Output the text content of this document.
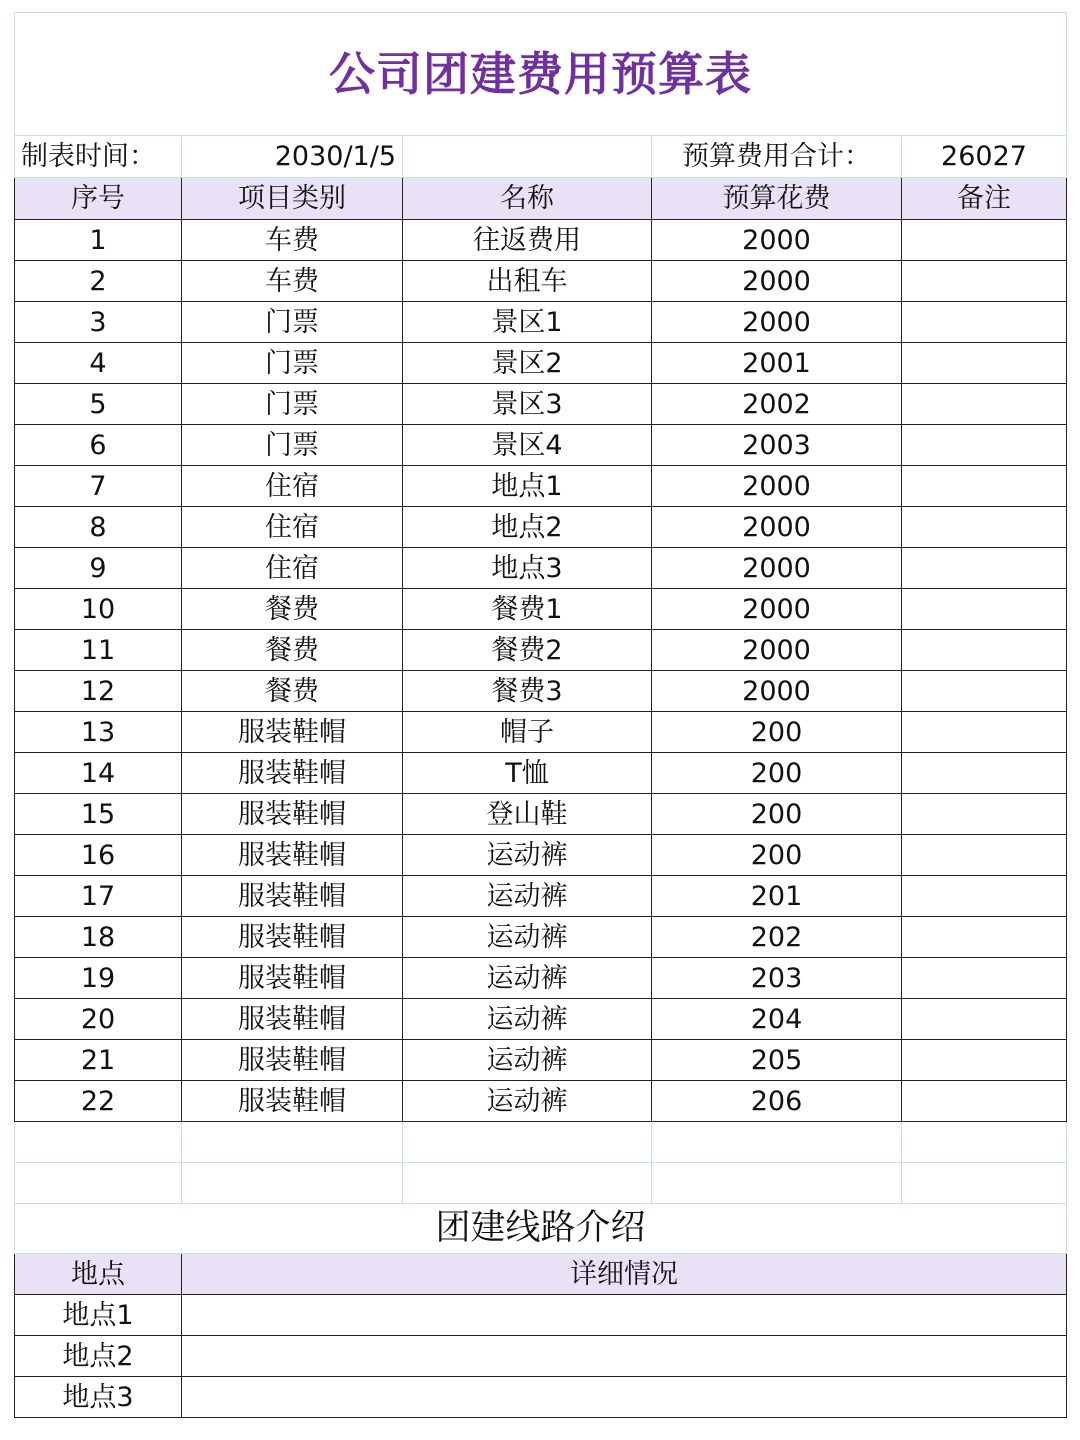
公司团建费用预算表				
制表时间：	2030/1/5		预算费用合计：	26027
序号	项目类别	名称	预算花费	备注
1	车费	往返费用	2000	
2	车费	出租车	2000	
3	门票	景区1	2000	
4	门票	景区2	2001	
5	门票	景区3	2002	
6	门票	景区4	2003	
7	住宿	地点1	2000	
8	住宿	地点2	2000	
9	住宿	地点3	2000	
10	餐费	餐费1	2000	
11	餐费	餐费2	2000	
12	餐费	餐费3	2000	
13	服装鞋帽	帽子	200	
14	服装鞋帽	T恤	200	
15	服装鞋帽	登山鞋	200	
16	服装鞋帽	运动裤	200	
17	服装鞋帽	运动裤	201	
18	服装鞋帽	运动裤	202	
19	服装鞋帽	运动裤	203	
20	服装鞋帽	运动裤	204	
21	服装鞋帽	运动裤	205	
22	服装鞋帽	运动裤	206	

团建线路介绍				
地点	详细情况			
地点1				
地点2				
地点3				
